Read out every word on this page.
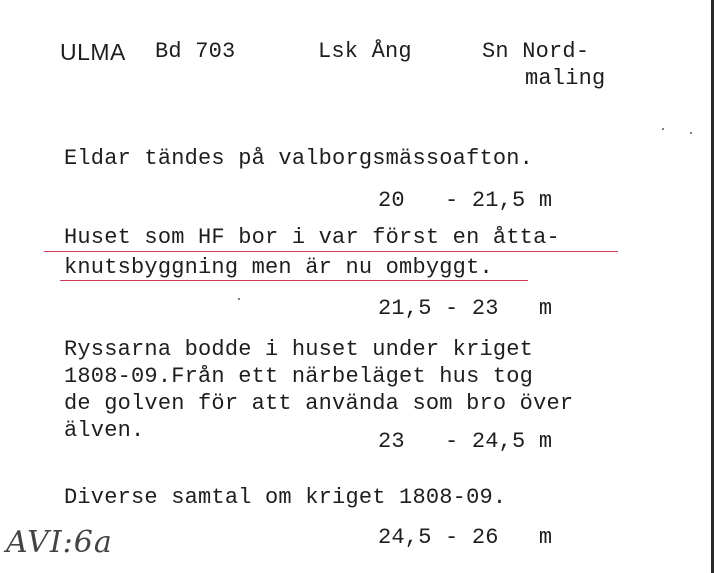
ULMA Bd 703	Lsk Ång	Sn Nord-
maling
Eldar tändes på valborgsmässoafton.
20   - 21,5 m
Huset som HF bor i var först en åtta-
knutsbyggning men är nu ombyggt.
21,5 - 23   m
Ryssarna bodde i huset under kriget
1808-09.Från ett närbeläget hus tog
de golven för att använda som bro över
älven.	23   - 24,5 m
Diverse samtal om kriget 1808-09.
24,5 - 26   m
AVI:6a
